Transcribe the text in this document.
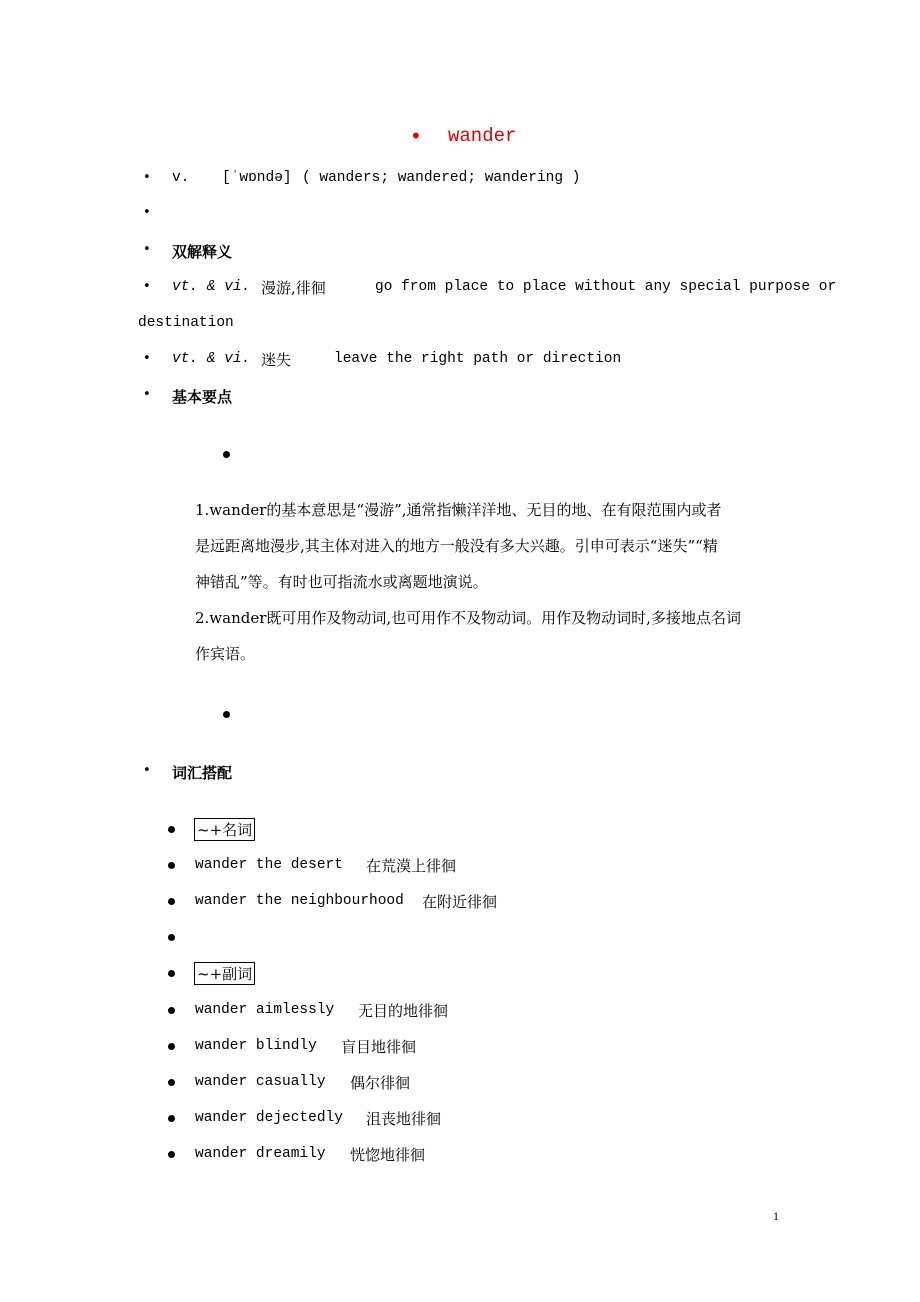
• wander
• v. [ˈwɒndə] ( wanders; wandered; wandering )
•
• 双解释义
• vt. & vi. 漫游,徘徊	go from place to place without any special purpose or
destination
• vt. & vi. 迷失	leave the right path or direction
• 基本要点
1.wander的基本意思是“漫游”,通常指懒洋洋地、无目的地、在有限范围内或者
是远距离地漫步,其主体对进入的地方一般没有多大兴趣。引申可表示“迷失”“精
神错乱”等。有时也可指流水或离题地演说。
2.wander既可用作及物动词,也可用作不及物动词。用作及物动词时,多接地点名词
作宾语。
• 词汇搭配
~+名词
wander the desert 在荒漠上徘徊
wander the neighbourhood 在附近徘徊
~+副词
wander aimlessly 无目的地徘徊
wander blindly 盲目地徘徊
wander casually 偶尔徘徊
wander dejectedly 沮丧地徘徊
wander dreamily 恍惚地徘徊
1
